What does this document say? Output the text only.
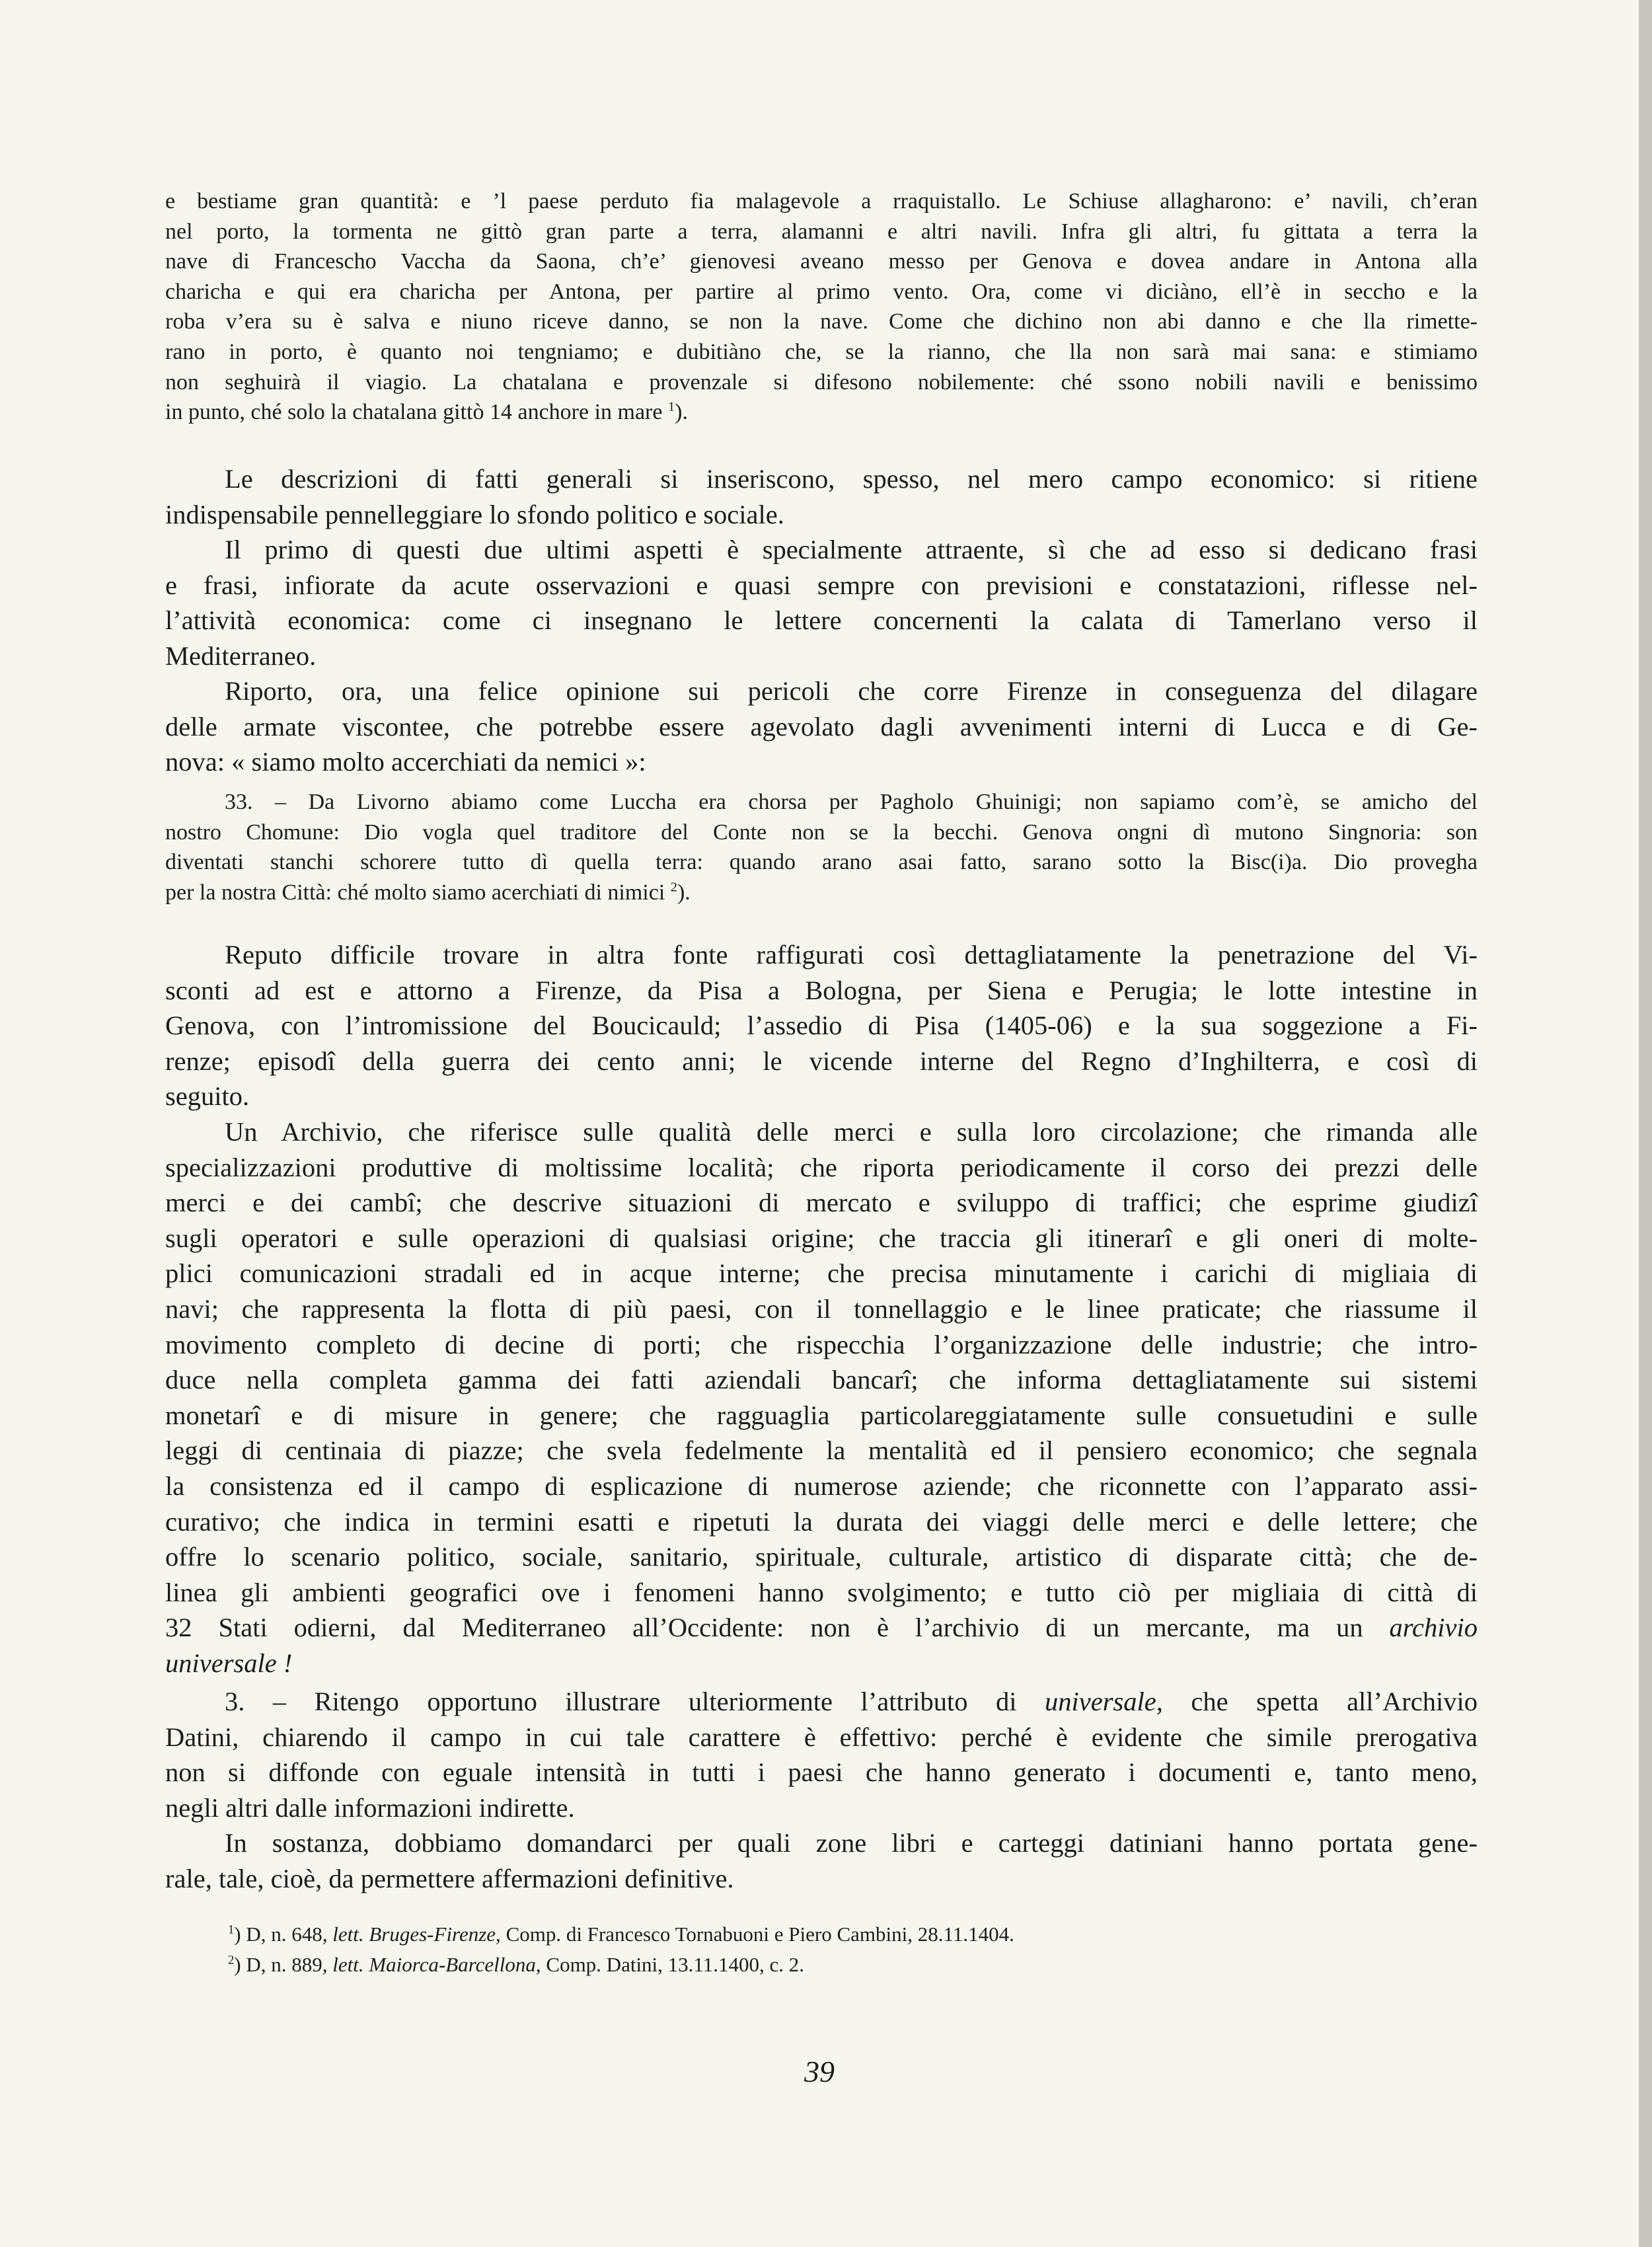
e bestiame gran quantità: e ’l paese perduto fia malagevole a rraquistallo. Le Schiuse allagharono: e’ navili, ch’eran
nel porto, la tormenta ne gittò gran parte a terra, alamanni e altri navili. Infra gli altri, fu gittata a terra la
nave di Francescho Vaccha da Saona, ch’e’ gienovesi aveano messo per Genova e dovea andare in Antona alla
charicha e qui era charicha per Antona, per partire al primo vento. Ora, come vi diciàno, ell’è in seccho e la
roba v’era su è salva e niuno riceve danno, se non la nave. Come che dichino non abi danno e che lla rimette-
rano in porto, è quanto noi tengniamo; e dubitiàno che, se la rianno, che lla non sarà mai sana: e stimiamo
non seghuirà il viagio. La chatalana e provenzale si difesono nobilemente: ché ssono nobili navili e benissimo
in punto, ché solo la chatalana gittò 14 anchore in mare $^1$).
Le descrizioni di fatti generali si inseriscono, spesso, nel mero campo economico: si ritiene
indispensabile pennelleggiare lo sfondo politico e sociale.
Il primo di questi due ultimi aspetti è specialmente attraente, sì che ad esso si dedicano frasi
e frasi, infiorate da acute osservazioni e quasi sempre con previsioni e constatazioni, riflesse nel-
l’attività economica: come ci insegnano le lettere concernenti la calata di Tamerlano verso il
Mediterraneo.
Riporto, ora, una felice opinione sui pericoli che corre Firenze in conseguenza del dilagare
delle armate viscontee, che potrebbe essere agevolato dagli avvenimenti interni di Lucca e di Ge-
nova: « siamo molto accerchiati da nemici »:
33. – Da Livorno abiamo come Luccha era chorsa per Pagholo Ghuinigi; non sapiamo com’è, se amicho del
nostro Chomune: Dio vogla quel traditore del Conte non se la becchi. Genova ongni dì mutono Singnoria: son
diventati stanchi schorere tutto dì quella terra: quando arano asai fatto, sarano sotto la Bisc(i)a. Dio provegha
per la nostra Città: ché molto siamo acerchiati di nimici $^2$).
Reputo difficile trovare in altra fonte raffigurati così dettagliatamente la penetrazione del Vi-
sconti ad est e attorno a Firenze, da Pisa a Bologna, per Siena e Perugia; le lotte intestine in
Genova, con l’intromissione del Boucicauld; l’assedio di Pisa (1405-06) e la sua soggezione a Fi-
renze; episodî della guerra dei cento anni; le vicende interne del Regno d’Inghilterra, e così di
seguito.
Un Archivio, che riferisce sulle qualità delle merci e sulla loro circolazione; che rimanda alle
specializzazioni produttive di moltissime località; che riporta periodicamente il corso dei prezzi delle
merci e dei cambî; che descrive situazioni di mercato e sviluppo di traffici; che esprime giudizî
sugli operatori e sulle operazioni di qualsiasi origine; che traccia gli itinerarî e gli oneri di molte-
plici comunicazioni stradali ed in acque interne; che precisa minutamente i carichi di migliaia di
navi; che rappresenta la flotta di più paesi, con il tonnellaggio e le linee praticate; che riassume il
movimento completo di decine di porti; che rispecchia l’organizzazione delle industrie; che intro-
duce nella completa gamma dei fatti aziendali bancarî; che informa dettagliatamente sui sistemi
monetarî e di misure in genere; che ragguaglia particolareggiatamente sulle consuetudini e sulle
leggi di centinaia di piazze; che svela fedelmente la mentalità ed il pensiero economico; che segnala
la consistenza ed il campo di esplicazione di numerose aziende; che riconnette con l’apparato assi-
curativo; che indica in termini esatti e ripetuti la durata dei viaggi delle merci e delle lettere; che
offre lo scenario politico, sociale, sanitario, spirituale, culturale, artistico di disparate città; che de-
linea gli ambienti geografici ove i fenomeni hanno svolgimento; e tutto ciò per migliaia di città di
32 Stati odierni, dal Mediterraneo all’Occidente: non è l’archivio di un mercante, ma un archivio
universale !
3. – Ritengo opportuno illustrare ulteriormente l’attributo di universale, che spetta all’Archivio
Datini, chiarendo il campo in cui tale carattere è effettivo: perché è evidente che simile prerogativa
non si diffonde con eguale intensità in tutti i paesi che hanno generato i documenti e, tanto meno,
negli altri dalle informazioni indirette.
In sostanza, dobbiamo domandarci per quali zone libri e carteggi datiniani hanno portata gene-
rale, tale, cioè, da permettere affermazioni definitive.
$^1$) D, n. 648, lett. Bruges-Firenze, Comp. di Francesco Tornabuoni e Piero Cambini, 28.11.1404.
$^2$) D, n. 889, lett. Maiorca-Barcellona, Comp. Datini, 13.11.1400, c. 2.
39
